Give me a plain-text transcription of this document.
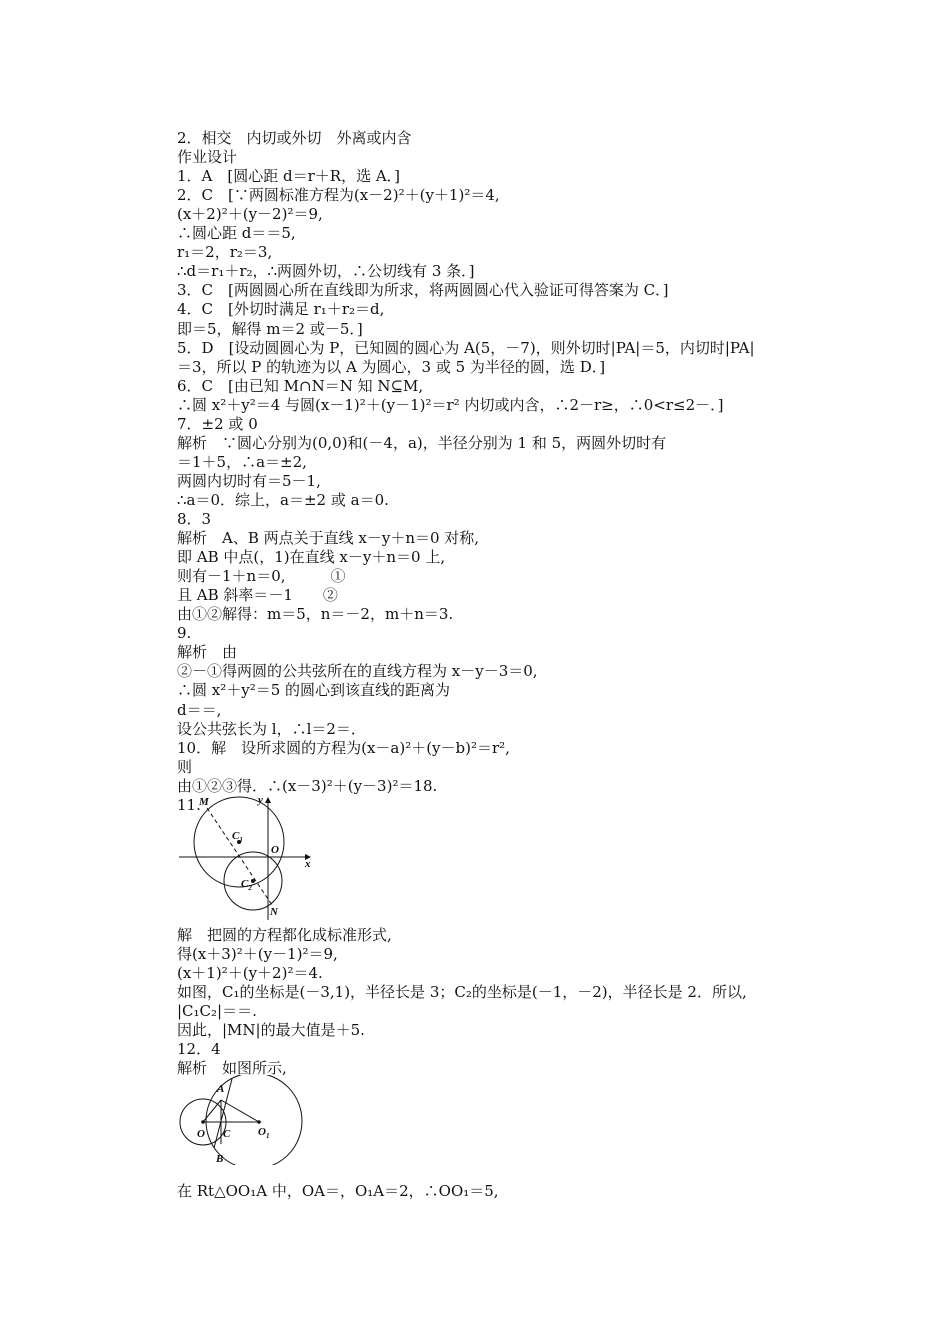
2．相交　内切或外切　外离或内含
作业设计
1．A　[圆心距 d＝r＋R，选 A．]
2．C　[∵两圆标准方程为(x－2)²＋(y＋1)²＝4,
(x＋2)²＋(y－2)²＝9,
∴圆心距 d＝＝5,
r₁＝2，r₂＝3,
∴d＝r₁＋r₂，∴两圆外切，∴公切线有 3 条．]
3．C　[两圆圆心所在直线即为所求，将两圆圆心代入验证可得答案为 C．]
4．C　[外切时满足 r₁＋r₂＝d,
即＝5，解得 m＝2 或－5．]
5．D　[设动圆圆心为 P，已知圆的圆心为 A(5，－7)，则外切时|PA|＝5，内切时|PA|
＝3，所以 P 的轨迹为以 A 为圆心，3 或 5 为半径的圆，选 D．]
6．C　[由已知 M∩N＝N 知 N⊆M,
∴圆 x²＋y²＝4 与圆(x－1)²＋(y－1)²＝r² 内切或内含，∴2－r≥，∴0<r≤2－．]
7．±2 或 0
解析　∵圆心分别为(0,0)和(－4，a)，半径分别为 1 和 5，两圆外切时有
＝1＋5，∴a＝±2,
两圆内切时有＝5－1,
∴a＝0．综上，a＝±2 或 a＝0.
8．3
解析　A、B 两点关于直线 x－y＋n＝0 对称,
即 AB 中点(，1)在直线 x－y＋n＝0 上,
则有－1＋n＝0,　　　①
且 AB 斜率＝－1　　②
由①②解得：m＝5，n＝－2，m＋n＝3.
9.
解析　由
②－①得两圆的公共弦所在的直线方程为 x－y－3＝0,
∴圆 x²＋y²＝5 的圆心到该直线的距离为
d＝＝,
设公共弦长为 l，∴l＝2＝．
10．解　设所求圆的方程为(x－a)²＋(y－b)²＝r²,
则
由①②③得．∴(x－3)²＋(y－3)²＝18.
11.
M	y
$C_1$
O
x
$C_2$
N
解　把圆的方程都化成标准形式,
得(x＋3)²＋(y－1)²＝9,
(x＋1)²＋(y＋2)²＝4.
如图，C₁的坐标是(－3,1)，半径长是 3；C₂的坐标是(－1，－2)，半径长是 2．所以,
|C₁C₂|＝＝.
因此，|MN|的最大值是＋5.
12．4
解析　如图所示,
A
O C	$O_1$
B
在 Rt△OO₁A 中，OA＝，O₁A＝2，∴OO₁＝5,
